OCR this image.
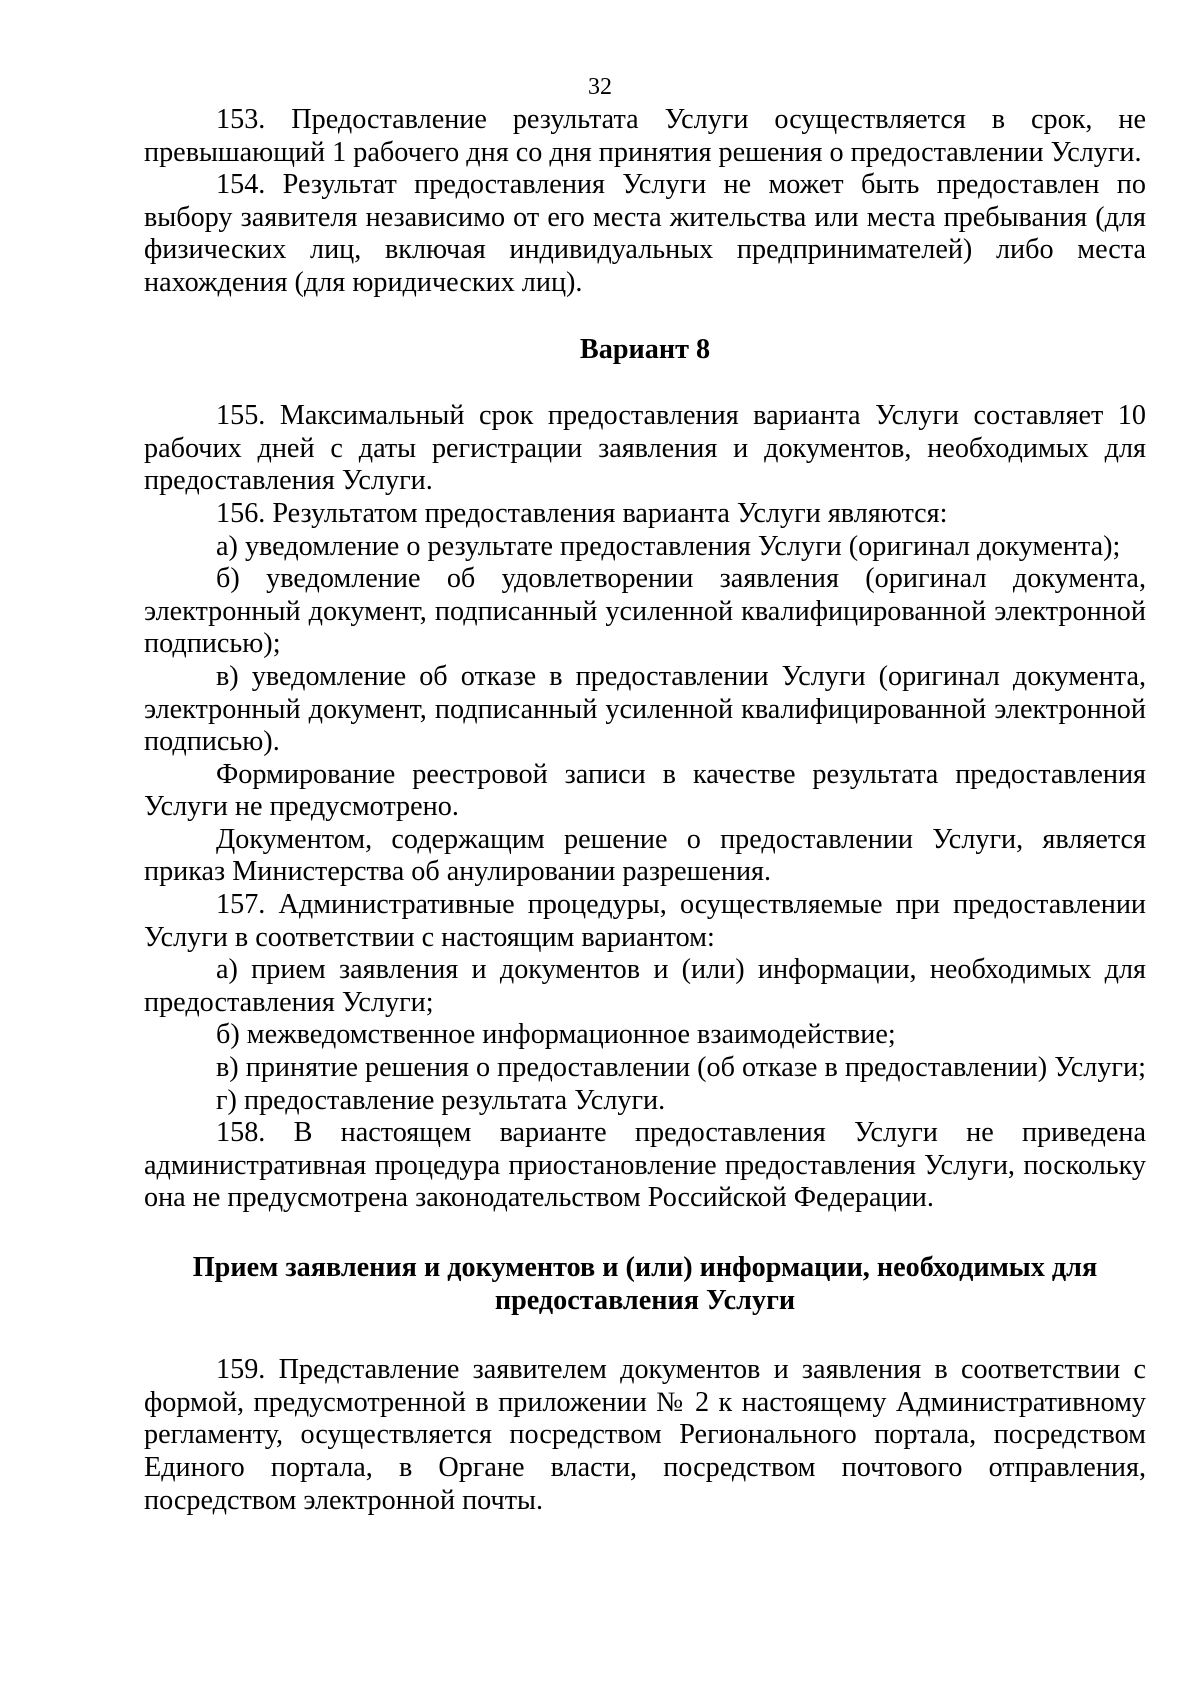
32

153. Предоставление результата Услуги осуществляется в срок, не превышающий 1 рабочего дня со дня принятия решения о предоставлении Услуги.

154. Результат предоставления Услуги не может быть предоставлен по выбору заявителя независимо от его места жительства или места пребывания (для физических лиц, включая индивидуальных предпринимателей) либо места нахождения (для юридических лиц).

Вариант 8

155. Максимальный срок предоставления варианта Услуги составляет 10 рабочих дней с даты регистрации заявления и документов, необходимых для предоставления Услуги.

156. Результатом предоставления варианта Услуги являются:

а) уведомление о результате предоставления Услуги (оригинал документа);

б) уведомление об удовлетворении заявления (оригинал документа, электронный документ, подписанный усиленной квалифицированной электронной подписью);

в) уведомление об отказе в предоставлении Услуги (оригинал документа, электронный документ, подписанный усиленной квалифицированной электронной подписью).

Формирование реестровой записи в качестве результата предоставления Услуги не предусмотрено.

Документом, содержащим решение о предоставлении Услуги, является приказ Министерства об анулировании разрешения.

157. Административные процедуры, осуществляемые при предоставлении Услуги в соответствии с настоящим вариантом:

а) прием заявления и документов и (или) информации, необходимых для предоставления Услуги;

б) межведомственное информационное взаимодействие;

в) принятие решения о предоставлении (об отказе в предоставлении) Услуги;

г) предоставление результата Услуги.

158. В настоящем варианте предоставления Услуги не приведена административная процедура приостановление предоставления Услуги, поскольку она не предусмотрена законодательством Российской Федерации.

Прием заявления и документов и (или) информации, необходимых для предоставления Услуги

159. Представление заявителем документов и заявления в соответствии с формой, предусмотренной в приложении № 2 к настоящему Административному регламенту, осуществляется посредством Регионального портала, посредством Единого портала, в Органе власти, посредством почтового отправления, посредством электронной почты.
